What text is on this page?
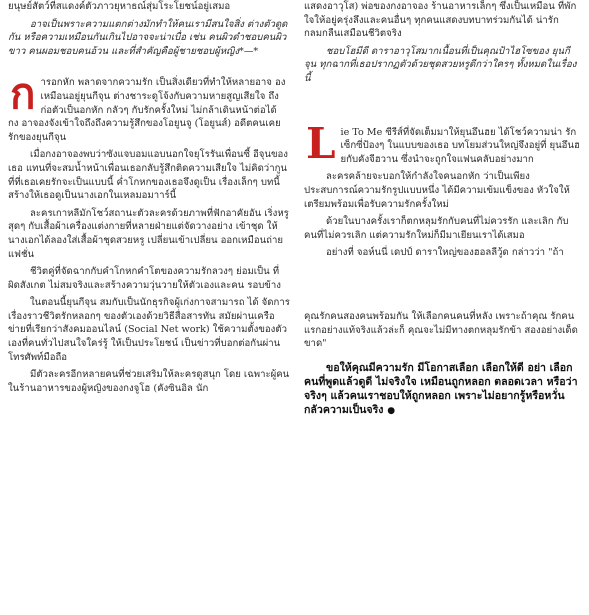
ยนุษย์สัตว์ที่สแดงค์ตัวภาวยุหาธณ์สุ่มโระโยชน์อยู่เสมอ

อาจเป็นพราะความแตกต่างมักทำให้คนเรามีสนใจสิ่ง ต่างตัวดูดกัน หรือความเหมือนกันเกินไปอาจจะน่าเบื่อ เช่น คนผิวดำชอบคนผิวขาว คนผอมชอบคนอ้วน และที่สำคัญคือผู้ชายชอบผู้หญิง*—*

ก ารอกหัก พลาดจากความรัก เป็นสิ่งเดียวที่ทำให้หลายอาจ องเหมือนอยู่ยุนกีจุน ต่างชาระดูโจ้งกับความหายสูญเสียใจ ถึงก่อตัวเป็นอกหัก กลัวๆ กับรักครั้งใหม่ ไม่กล้าเดินหน้าต่อได้ กง อาจองจังเข้าใจถึงถึงความรู้สึกของโอยูนจู (โอยูนส์) อดีตคนเคย รักของยุนกีจุน

เมื่อกงอาจองพบว่าซังแจบอมแอบนอกใจยุโรรันเพื่อนซี้ อีจุนของเธอ แทนที่จะสมน้ำหน้าเพื่อนเธอกลับรู้สึกติดความเสียใจ ไม่คิดว่ากูนที่ที่เธอเคยรักจะเป็นแบบนี้ ค่ำโกหกของเธอจึงดูเป็น เรื่องเล็กๆ บทนี้สร้างให้เธอดูเป็นนางเอกในเหลมอมาาร์นี้

ละครเกาหลีมักโชว์สถานะตัวละครด้วยภาพที่ฟักอาคัยอัน เริ่งหรูสุดๆ กับเสื้อผ้าเครื่องแต่งกายที่หลายฝ่ายแต่จัดวางอย่าง เข้าชุด ให้นางเอกได้ลองใส่เสื้อผ้าชุดสวยหรู เปลี่ยนเข้าเปลี่ยน ออกเหมือนถ่ายแฟชั่น

ชีวิตคู่ที่จัดฉากกับคำโกหกคำโตของความรักลวงๆ ย่อมเป็น ที่ผิดสังเกต ไม่สมจริงและสร้างความวุ่นวายให้ตัวเองและคน รอบข้าง

ในตอนนี้ยุนกีจุน สมกับเป็นนักธุรกิจผู้เก่งกาจสามารถ ได้ จัดการเรื่องราวชีวิตรักหลอกๆ ของตัวเองด้วยวิธีสื่อสารทัน สมัยผ่านเครือข่ายที่เรียกว่าสังคมออนไลน์ (Social Net work) ใช้ความตั้งของตัวเองที่คนทั่วไปสนใจใคร่รู้ ให้เป็นประโยชน์ เป็นข่าวที่บอกต่อกันผ่านโทรศัพท์มือถือ

มีตัวละครอีกหลายคนที่ช่วยเสริมให้ละครดูสนุก โดย เฉพาะผู้คนในร้านอาหารของผู้หญิงของกงจูโฮ (คังซินอิล นัก

แสดงอาวุโส) พ่อของกงอาจอง ร้านอาหารเล็กๆ ซึ่งเป็นเหมือน ที่พักใจให้อยู่ครุ่งลึงและคนอื่นๆ ทุกคนแสดงบทบาทร่วมกันได้ น่ารักกลมกลืนเสมือนชีวิตจริง

ชอบโฮมีดี ดาราอาวุโสมากเนื้อนที่เป็นคุณป้าไฮโซของ ยุนกีจุน ทุกฉากที่เธอปรากฏตัวด้วยชุดสวยหรูดีกว่าใครๆ ทั้งหมดในเรื่องนี้

L ie To Me ซีรีส์ที่จัดเต็มมาให้ยุนอึนฮย ได้โชว์ความน่า รักเซ็กซี่ป้องๆ ในแบบของเธอ บทโยมส่วนใหญ่จึงอยู่ที่ ยุนอึนฮยกับคังจีฮวาน ซึ่งนำจะถูกใจแฟนคลับอย่างมาก

ละครคล้ายจะบอกให้กำลังใจคนอกหัก ว่าเป็นเพียง ประสบการณ์ความรักรูปแบบหนึ่ง ได้มีความเข้มแข็งของ หัวใจให้เตรียมพร้อมเพื่อรับความรักครั้งใหม่

ด้วยในบางครั้งเราก็ตกหลุมรักกับคนที่ไม่ควรรัก และเลิก กับคนที่ไม่ควรเลิก แต่ความรักใหม่ก็มีมาเยียนเราได้เสมอ

อย่างที่ จอห์นนี่ เดปป์ ดาราใหญ่ของฮอลลีวู้ด กล่าวว่า "ถ้า

คุณรักคนสองคนพร้อมกัน ให้เลือกคนคนที่หลัง เพราะถ้าคุณ รักคนแรกอย่างแท้จริงแล้วล่ะก็ คุณจะไม่มีทางตกหลุมรักข้า สองอย่างเด็ดขาด"

ขอให้คุณมีความรัก มีโอกาสเลือก เลือกให้ดี อย่า เลือกคนที่พูดแล้วดูดี ไม่จริงใจ เหมือนถูกหลอก ตลอดเวลา หรือว่าจริงๆ แล้วคนเราชอบให้ถูกหลอก เพราะไม่อยากรู้หรือหวั่นกลัวความเป็นจริง ●
